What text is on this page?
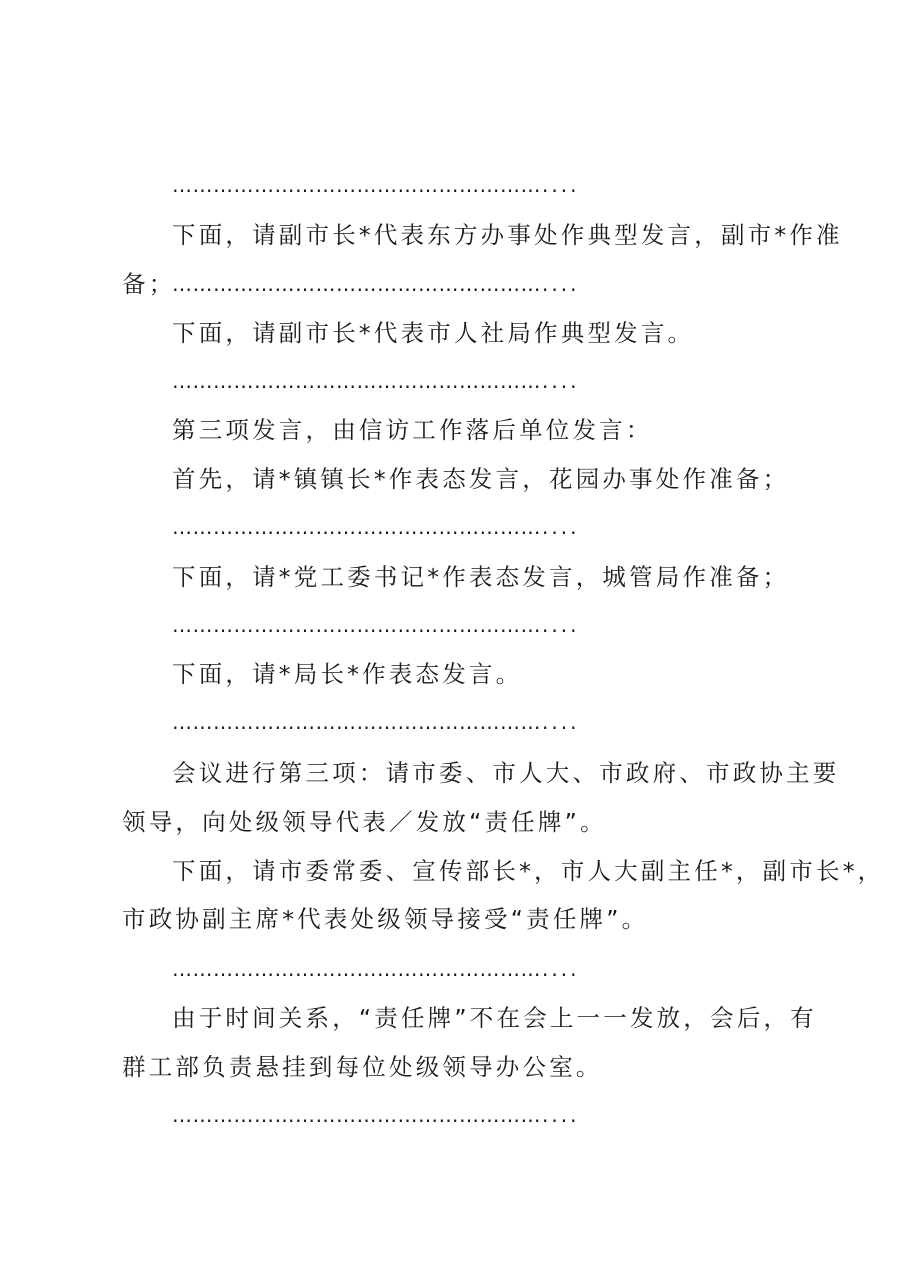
………………………………………………....

下面，请副市长*代表东方办事处作典型发言，副市*作准

备；

………………………………………………....

下面，请副市长*代表市人社局作典型发言。

………………………………………………....

第三项发言，由信访工作落后单位发言：

首先，请*镇镇长*作表态发言，花园办事处作准备；

………………………………………………....

下面，请*党工委书记*作表态发言，城管局作准备；

………………………………………………....

下面，请*局长*作表态发言。

………………………………………………....

会议进行第三项：请市委、市人大、市政府、市政协主要

领导，向处级领导代表／发放“责任牌”。

下面，请市委常委、宣传部长*，市人大副主任*，副市长*，

市政协副主席*代表处级领导接受“责任牌”。

………………………………………………....

由于时间关系，“责任牌”不在会上一一发放，会后，有

群工部负责悬挂到每位处级领导办公室。

………………………………………………....
